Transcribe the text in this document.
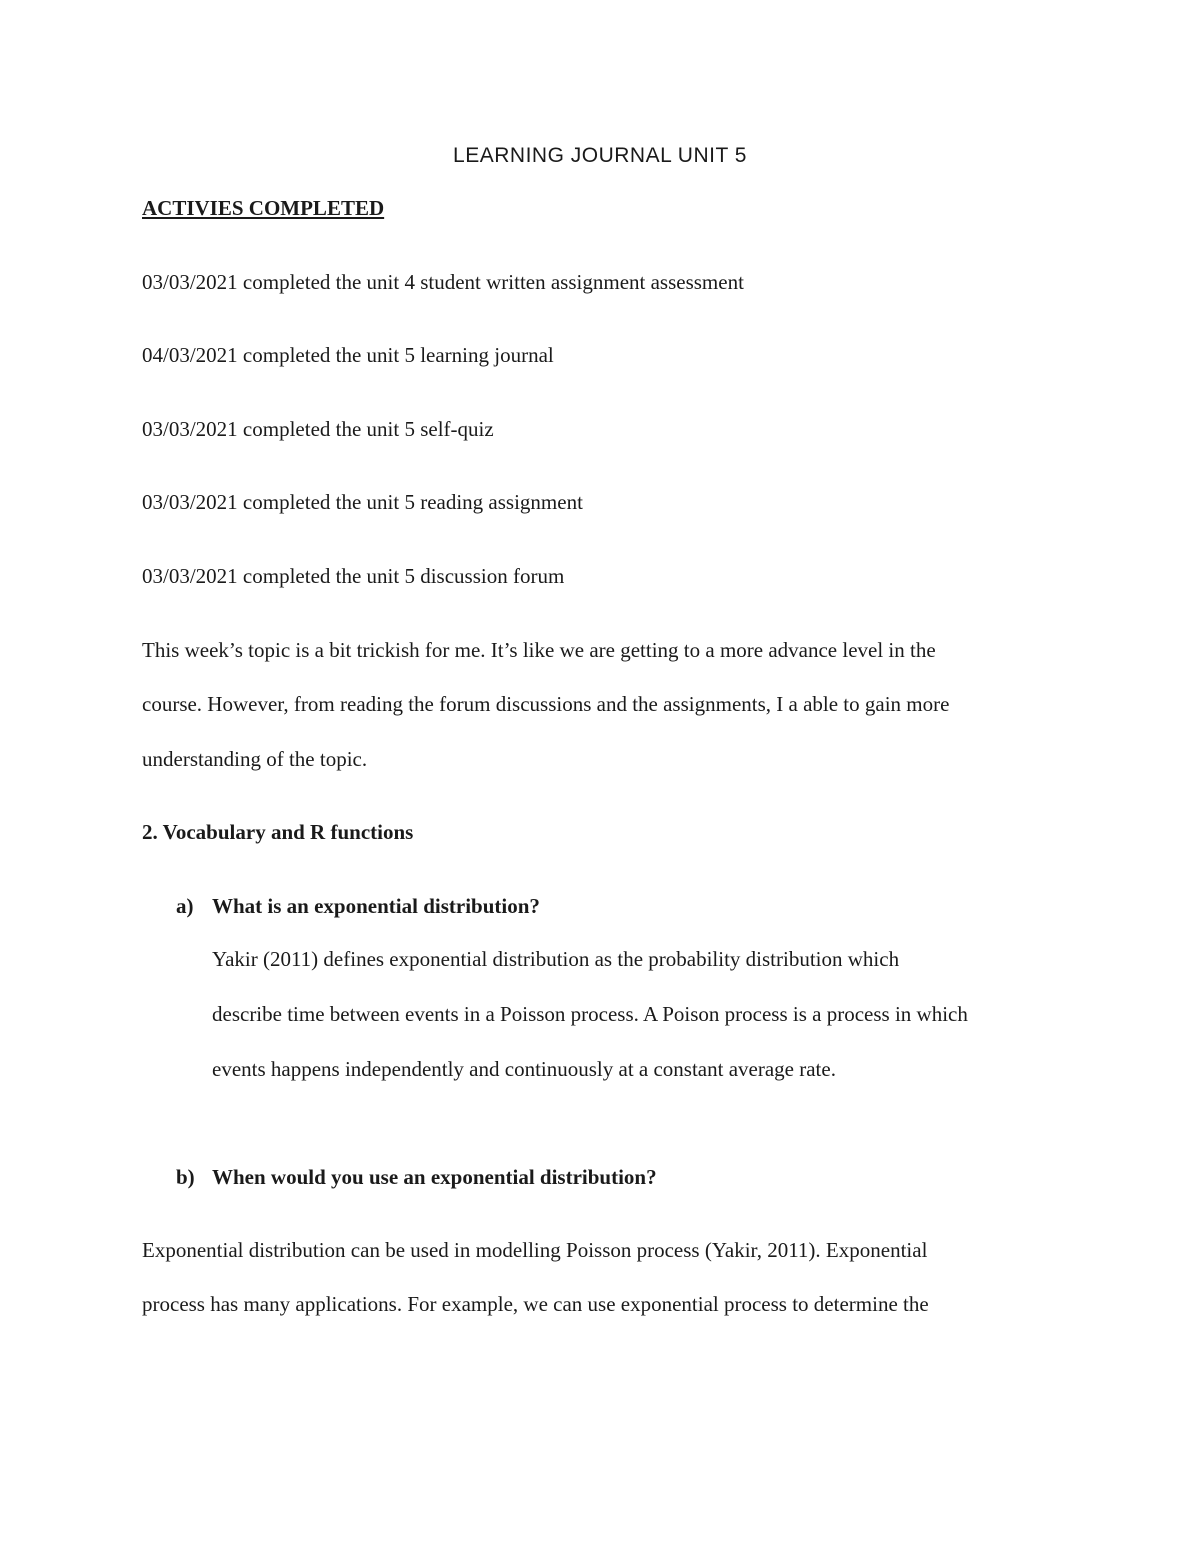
LEARNING JOURNAL UNIT 5
ACTIVIES COMPLETED
03/03/2021 completed the unit 4 student written assignment assessment
04/03/2021 completed the unit 5 learning journal
03/03/2021 completed the unit 5 self-quiz
03/03/2021 completed the unit 5 reading assignment
03/03/2021 completed the unit 5 discussion forum
This week’s topic is a bit trickish for me. It’s like we are getting to a more advance level in the
course. However, from reading the forum discussions and the assignments, I a able to gain more
understanding of the topic.
2. Vocabulary and R functions
a) What is an exponential distribution?
Yakir (2011) defines exponential distribution as the probability distribution which
describe time between events in a Poisson process. A Poison process is a process in which
events happens independently and continuously at a constant average rate.
b) When would you use an exponential distribution?
Exponential distribution can be used in modelling Poisson process (Yakir, 2011). Exponential
process has many applications. For example, we can use exponential process to determine the
